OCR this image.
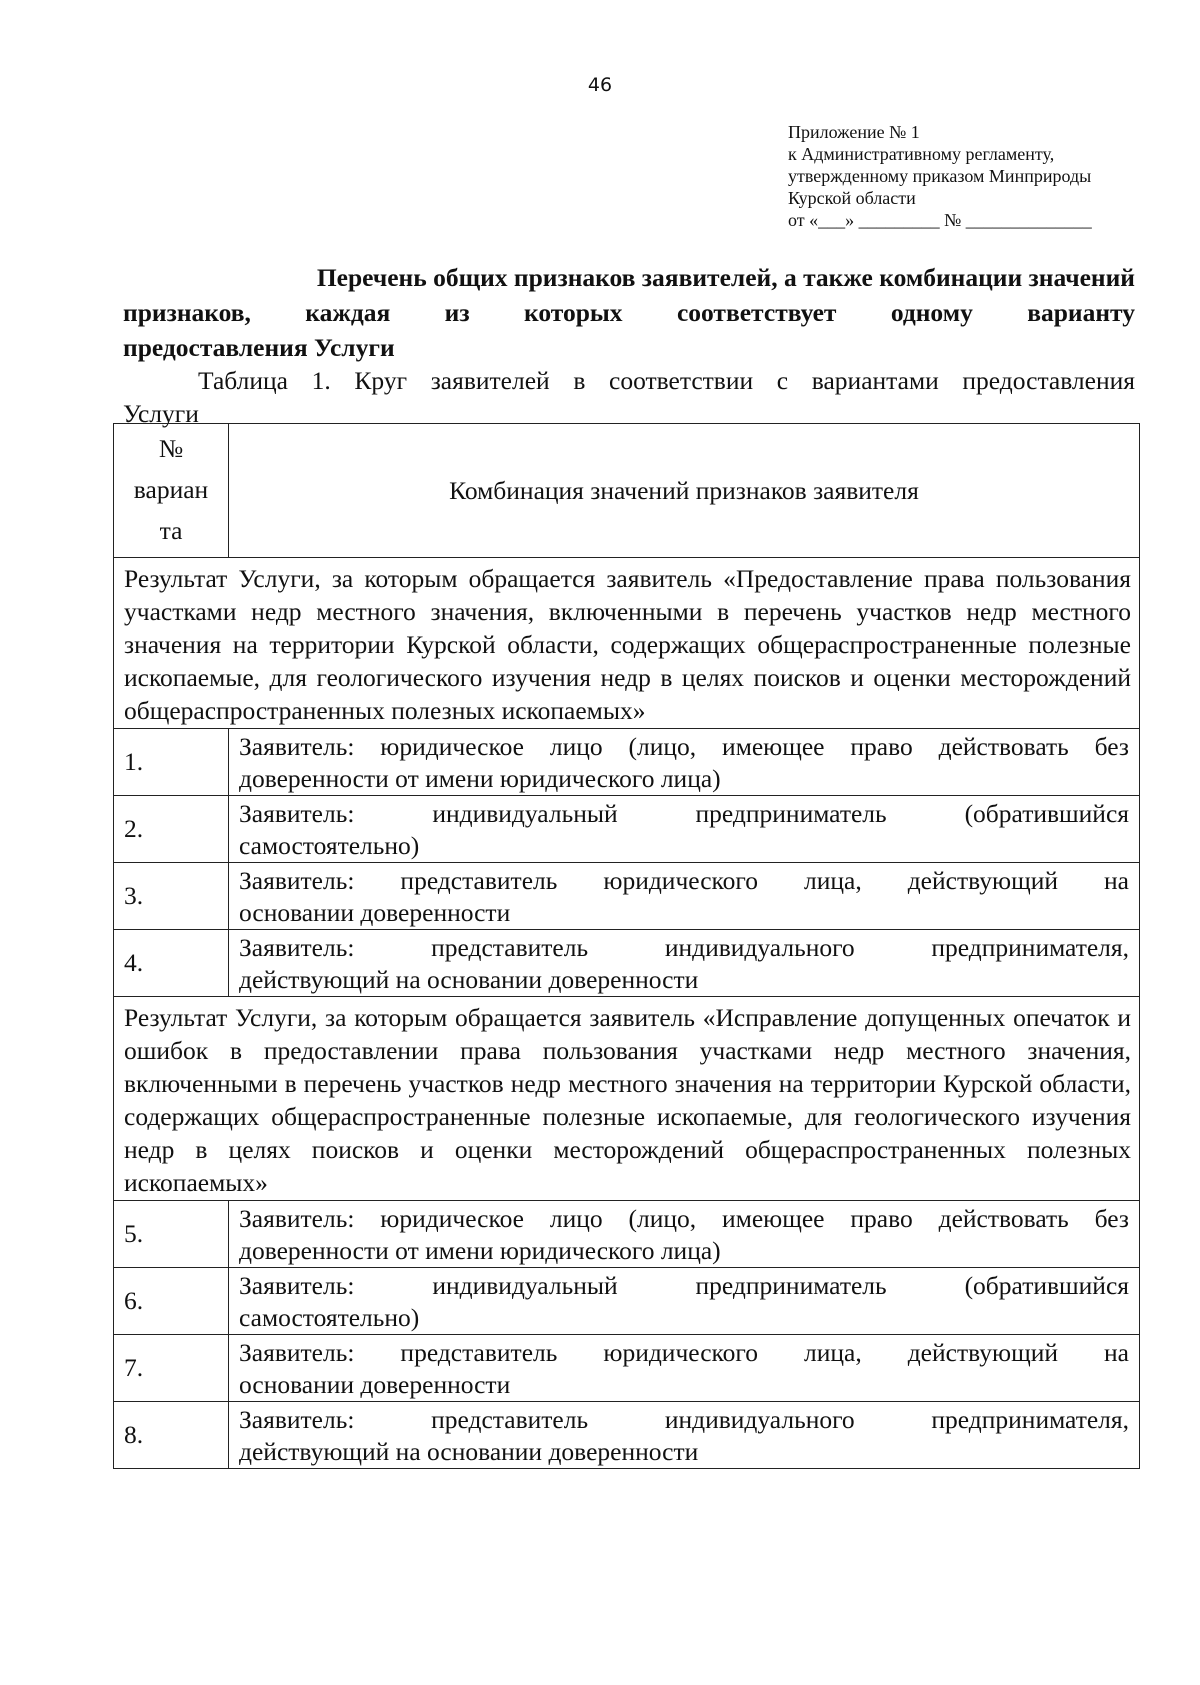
46
Приложение № 1
к Административному регламенту,
утвержденному приказом Минприроды
Курской области
от «___» _________ № ______________
Перечень общих признаков заявителей, а также комбинации значений
признаков, каждая из которых соответствует одному варианту
предоставления Услуги
Таблица 1. Круг заявителей в соответствии с вариантами предоставления
Услуги
№
вариан
та	Комбинация значений признаков заявителя
Результат Услуги, за которым обращается заявитель «Предоставление права пользования участками недр местного значения, включенными в перечень участков недр местного значения на территории Курской области, содержащих общераспространенные полезные ископаемые, для геологического изучения недр в целях поисков и оценки месторождений общераспространенных полезных ископаемых»	
1.	Заявитель: юридическое лицо (лицо, имеющее право действовать без
доверенности от имени юридического лица)

2.	Заявитель: индивидуальный предприниматель (обратившийся
самостоятельно)

3.	Заявитель: представитель юридического лица, действующий на
основании доверенности

4.	Заявитель: представитель индивидуального предпринимателя,
действующий на основании доверенности

Результат Услуги, за которым обращается заявитель «Исправление допущенных опечаток и ошибок в предоставлении права пользования участками недр местного значения, включенными в перечень участков недр местного значения на территории Курской области, содержащих общераспространенные полезные ископаемые, для геологического изучения недр в целях поисков и оценки месторождений общераспространенных полезных ископаемых»	
5.	Заявитель: юридическое лицо (лицо, имеющее право действовать без
доверенности от имени юридического лица)

6.	Заявитель: индивидуальный предприниматель (обратившийся
самостоятельно)

7.	Заявитель: представитель юридического лица, действующий на
основании доверенности

8.	Заявитель: представитель индивидуального предпринимателя,
действующий на основании доверенности
